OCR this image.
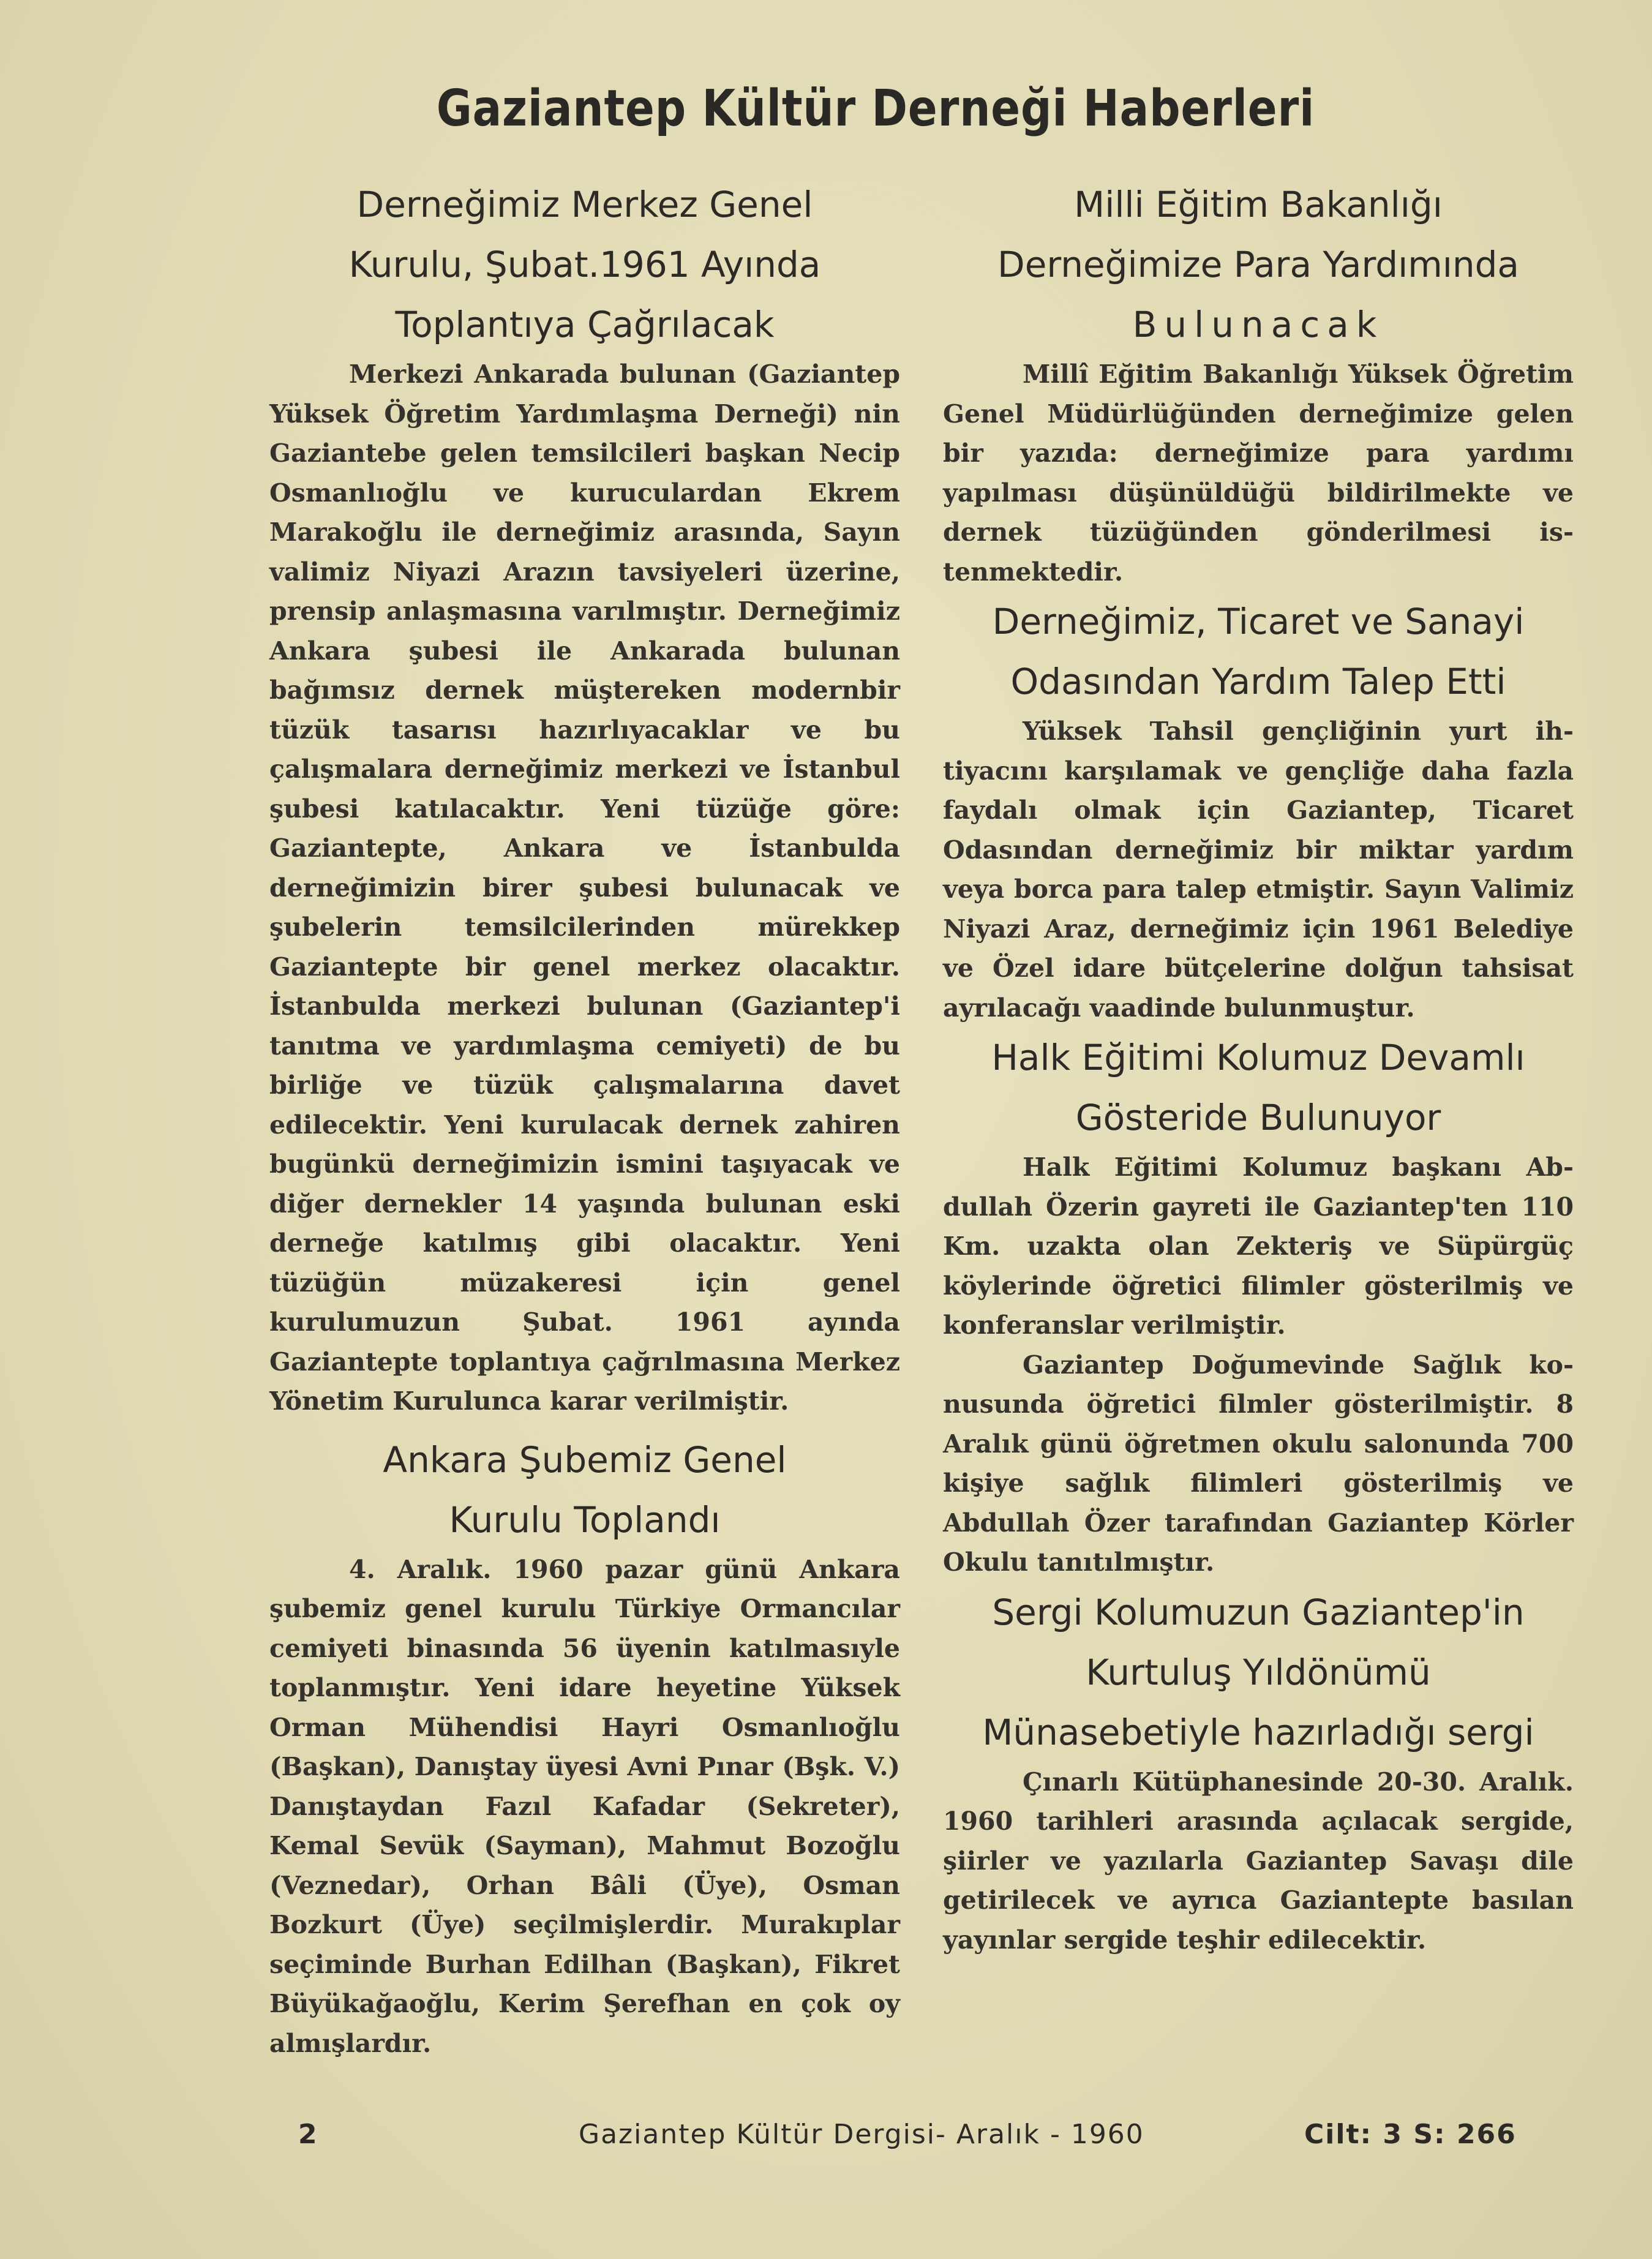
Gaziantep Kültür Derneği Haberleri

Derneğimiz Merkez Genel

Kurulu, Şubat.1961 Ayında

Toplantıya Çağrılacak

Merkezi Ankarada bulunan (Gaziantep Yüksek Öğretim Yardımlaşma Derneği) nin Gaziantebe gelen temsilcileri başkan Necip Osmanlıoğlu ve kuruculardan Ekrem Marakoğlu ile derneğimiz arasında, Sayın valimiz Niyazi Arazın tavsiyeleri üzerine, prensip anlaşmasına varılmıştır. Derneğimiz Ankara şubesi ile Ankarada bulunan bağımsız dernek müştereken modernbir tüzük tasarısı hazırlıyacaklar ve bu çalışmalara derneğimiz merkezi ve İstanbul şubesi katılacaktır. Yeni tüzüğe göre: Gaziantepte, Ankara ve İstanbulda derneğimizin birer şubesi bulunacak ve şubelerin temsilcilerinden mürekkep Gaziantepte bir genel merkez olacaktır. İstanbulda merkezi bulunan (Gaziantep'i tanıtma ve yardımlaşma cemiyeti) de bu birliğe ve tüzük çalışmalarına davet edilecektir. Yeni kurulacak dernek zahiren bugünkü derneğimizin ismini taşıyacak ve diğer dernekler 14 yaşında bulunan eski derneğe katılmış gibi olacaktır. Yeni tüzüğün müzakeresi için genel kurulumuzun Şubat. 1961 ayında Gaziantepte toplantıya çağrılmasına Merkez Yönetim Kurulunca karar verilmiştir.

Ankara Şubemiz Genel

Kurulu Toplandı

4. Aralık. 1960 pazar günü Ankara şubemiz genel kurulu Türkiye Ormancılar cemiyeti binasında 56 üyenin katılmasıyle toplanmıştır. Yeni idare heyetine Yüksek Orman Mühendisi Hayri Osmanlıoğlu (Başkan), Danıştay üyesi Avni Pınar (Bşk. V.) Danıştaydan Fazıl Kafadar (Sekreter), Kemal Sevük (Sayman), Mahmut Bozoğlu (Veznedar), Orhan Bâli (Üye), Osman Bozkurt (Üye) seçilmişlerdir. Murakıplar seçiminde Burhan Edilhan (Başkan), Fikret Büyükağaoğlu, Kerim Şerefhan en çok oy almışlardır.

Milli Eğitim Bakanlığı

Derneğimize Para Yardımında

Bulunacak

Millî Eğitim Bakanlığı Yüksek Öğretim Genel Müdürlüğünden derneğimize gelen bir yazıda: derneğimize para yardımı yapılması düşünüldüğü bildirilmekte ve dernek tüzüğünden gönderilmesi istenmektedir.

Derneğimiz, Ticaret ve Sanayi

Odasından Yardım Talep Etti

Yüksek Tahsil gençliğinin yurt ihtiyacını karşılamak ve gençliğe daha fazla faydalı olmak için Gaziantep, Ticaret Odasından derneğimiz bir miktar yardım veya borca para talep etmiştir. Sayın Valimiz Niyazi Araz, derneğimiz için 1961 Belediye ve Özel idare bütçelerine dolğun tahsisat ayrılacağı vaadinde bulunmuştur.

Halk Eğitimi Kolumuz Devamlı

Gösteride Bulunuyor

Halk Eğitimi Kolumuz başkanı Abdullah Özerin gayreti ile Gaziantep'ten 110 Km. uzakta olan Zekteriş ve Süpürgüç köylerinde öğretici filimler gösterilmiş ve konferanslar verilmiştir.

Gaziantep Doğumevinde Sağlık konusunda öğretici filmler gösterilmiştir. 8 Aralık günü öğretmen okulu salonunda 700 kişiye sağlık filimleri gösterilmiş ve Abdullah Özer tarafından Gaziantep Körler Okulu tanıtılmıştır.

Sergi Kolumuzun Gaziantep'in

Kurtuluş Yıldönümü

Münasebetiyle hazırladığı sergi

Çınarlı Kütüphanesinde 20-30. Aralık. 1960 tarihleri arasında açılacak sergide, şiirler ve yazılarla Gaziantep Savaşı dile getirilecek ve ayrıca Gaziantepte basılan yayınlar sergide teşhir edilecektir.

2	Gaziantep Kültür Dergisi- Aralık - 1960	Cilt: 3 S: 266
